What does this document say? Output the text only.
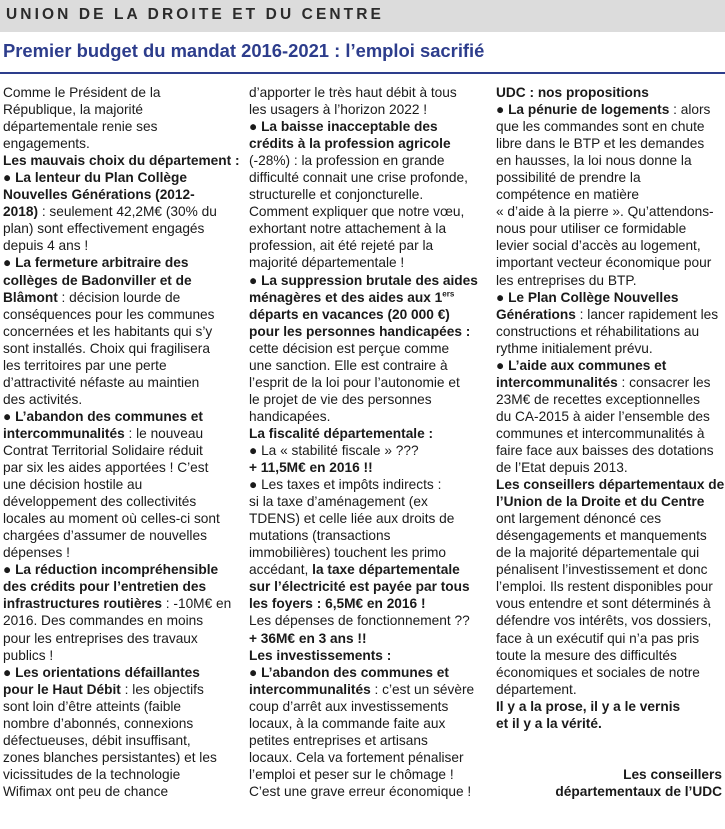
UNION DE LA DROITE ET DU CENTRE
Premier budget du mandat 2016-2021 : l’emploi sacrifié
Comme le Président de la
République, la majorité
départementale renie ses
engagements.
Les mauvais choix du département :
● La lenteur du Plan Collège
Nouvelles Générations (2012-
2018) : seulement 42,2M€ (30% du
plan) sont effectivement engagés
depuis 4 ans !
● La fermeture arbitraire des
collèges de Badonviller et de
Blâmont : décision lourde de
conséquences pour les communes
concernées et les habitants qui s’y
sont installés. Choix qui fragilisera
les territoires par une perte
d’attractivité néfaste au maintien
des activités.
● L’abandon des communes et
intercommunalités : le nouveau
Contrat Territorial Solidaire réduit
par six les aides apportées ! C’est
une décision hostile au
développement des collectivités
locales au moment où celles-ci sont
chargées d’assumer de nouvelles
dépenses !
● La réduction incompréhensible
des crédits pour l’entretien des
infrastructures routières : -10M€ en
2016. Des commandes en moins
pour les entreprises des travaux
publics !
● Les orientations défaillantes
pour le Haut Débit : les objectifs
sont loin d’être atteints (faible
nombre d’abonnés, connexions
défectueuses, débit insuffisant,
zones blanches persistantes) et les
vicissitudes de la technologie
Wifimax ont peu de chance
d’apporter le très haut débit à tous
les usagers à l’horizon 2022 !
● La baisse inacceptable des
crédits à la profession agricole
(-28%) : la profession en grande
difficulté connait une crise profonde,
structurelle et conjoncturelle.
Comment expliquer que notre vœu,
exhortant notre attachement à la
profession, ait été rejeté par la
majorité départementale !
● La suppression brutale des aides
ménagères et des aides aux 1ers
départs en vacances (20 000 €)
pour les personnes handicapées :
cette décision est perçue comme
une sanction. Elle est contraire à
l’esprit de la loi pour l’autonomie et
le projet de vie des personnes
handicapées.
La fiscalité départementale :
● La « stabilité fiscale » ???
+ 11,5M€ en 2016 !!
● Les taxes et impôts indirects :
si la taxe d’aménagement (ex
TDENS) et celle liée aux droits de
mutations (transactions
immobilières) touchent les primo
accédant, la taxe départementale
sur l’électricité est payée par tous
les foyers : 6,5M€ en 2016 !
Les dépenses de fonctionnement ??
+ 36M€ en 3 ans !!
Les investissements :
● L’abandon des communes et
intercommunalités : c’est un sévère
coup d’arrêt aux investissements
locaux, à la commande faite aux
petites entreprises et artisans
locaux. Cela va fortement pénaliser
l’emploi et peser sur le chômage !
C’est une grave erreur économique !
UDC : nos propositions
● La pénurie de logements : alors
que les commandes sont en chute
libre dans le BTP et les demandes
en hausses, la loi nous donne la
possibilité de prendre la
compétence en matière
« d’aide à la pierre ». Qu’attendons-
nous pour utiliser ce formidable
levier social d’accès au logement,
important vecteur économique pour
les entreprises du BTP.
● Le Plan Collège Nouvelles
Générations : lancer rapidement les
constructions et réhabilitations au
rythme initialement prévu.
● L’aide aux communes et
intercommunalités : consacrer les
23M€ de recettes exceptionnelles
du CA-2015 à aider l’ensemble des
communes et intercommunalités à
faire face aux baisses des dotations
de l’Etat depuis 2013.
Les conseillers départementaux de
l’Union de la Droite et du Centre
ont largement dénoncé ces
désengagements et manquements
de la majorité départementale qui
pénalisent l’investissement et donc
l’emploi. Ils restent disponibles pour
vous entendre et sont déterminés à
défendre vos intérêts, vos dossiers,
face à un exécutif qui n’a pas pris
toute la mesure des difficultés
économiques et sociales de notre
département.
Il y a la prose, il y a le vernis
et il y a la vérité.
Les conseillers
départementaux de l’UDC
